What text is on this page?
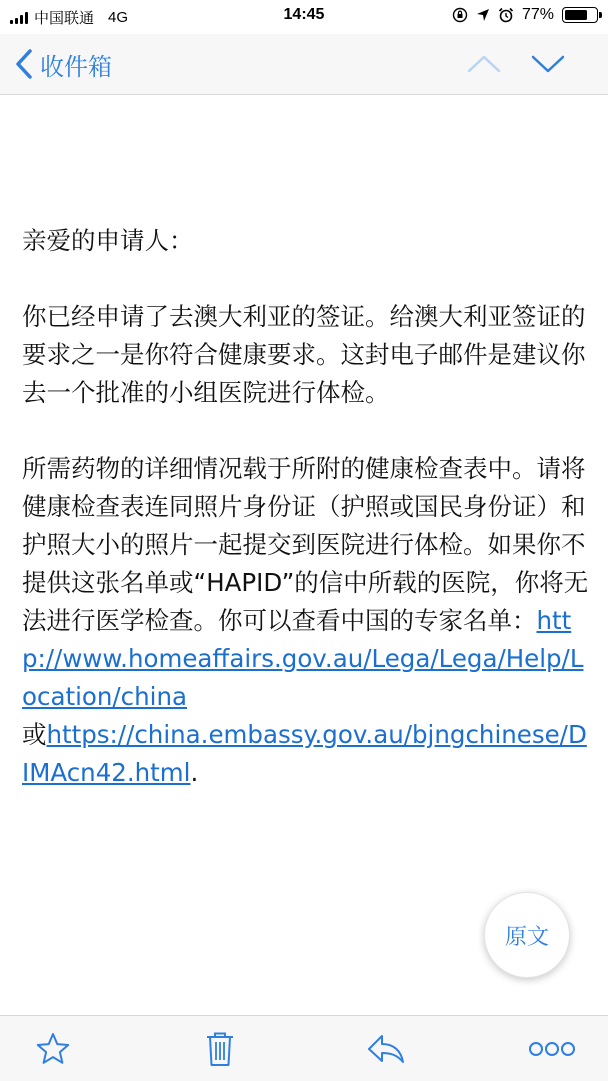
中国联通 4G	14:45	77%
收件箱

亲爱的申请人：

你已经申请了去澳大利亚的签证。给澳大利亚签证的要求之一是你符合健康要求。这封电子邮件是建议你去一个批准的小组医院进行体检。

所需药物的详细情况载于所附的健康检查表中。请将健康检查表连同照片身份证（护照或国民身份证）和护照大小的照片一起提交到医院进行体检。如果你不提供这张名单或“HAPID”的信中所载的医院，你将无法进行医学检查。你可以查看中国的专家名单：http://www.homeaffairs.gov.au/Lega/Lega/Help/Location/china
或https://china.embassy.gov.au/bjngchinese/DIMAcn42.html.

原文
